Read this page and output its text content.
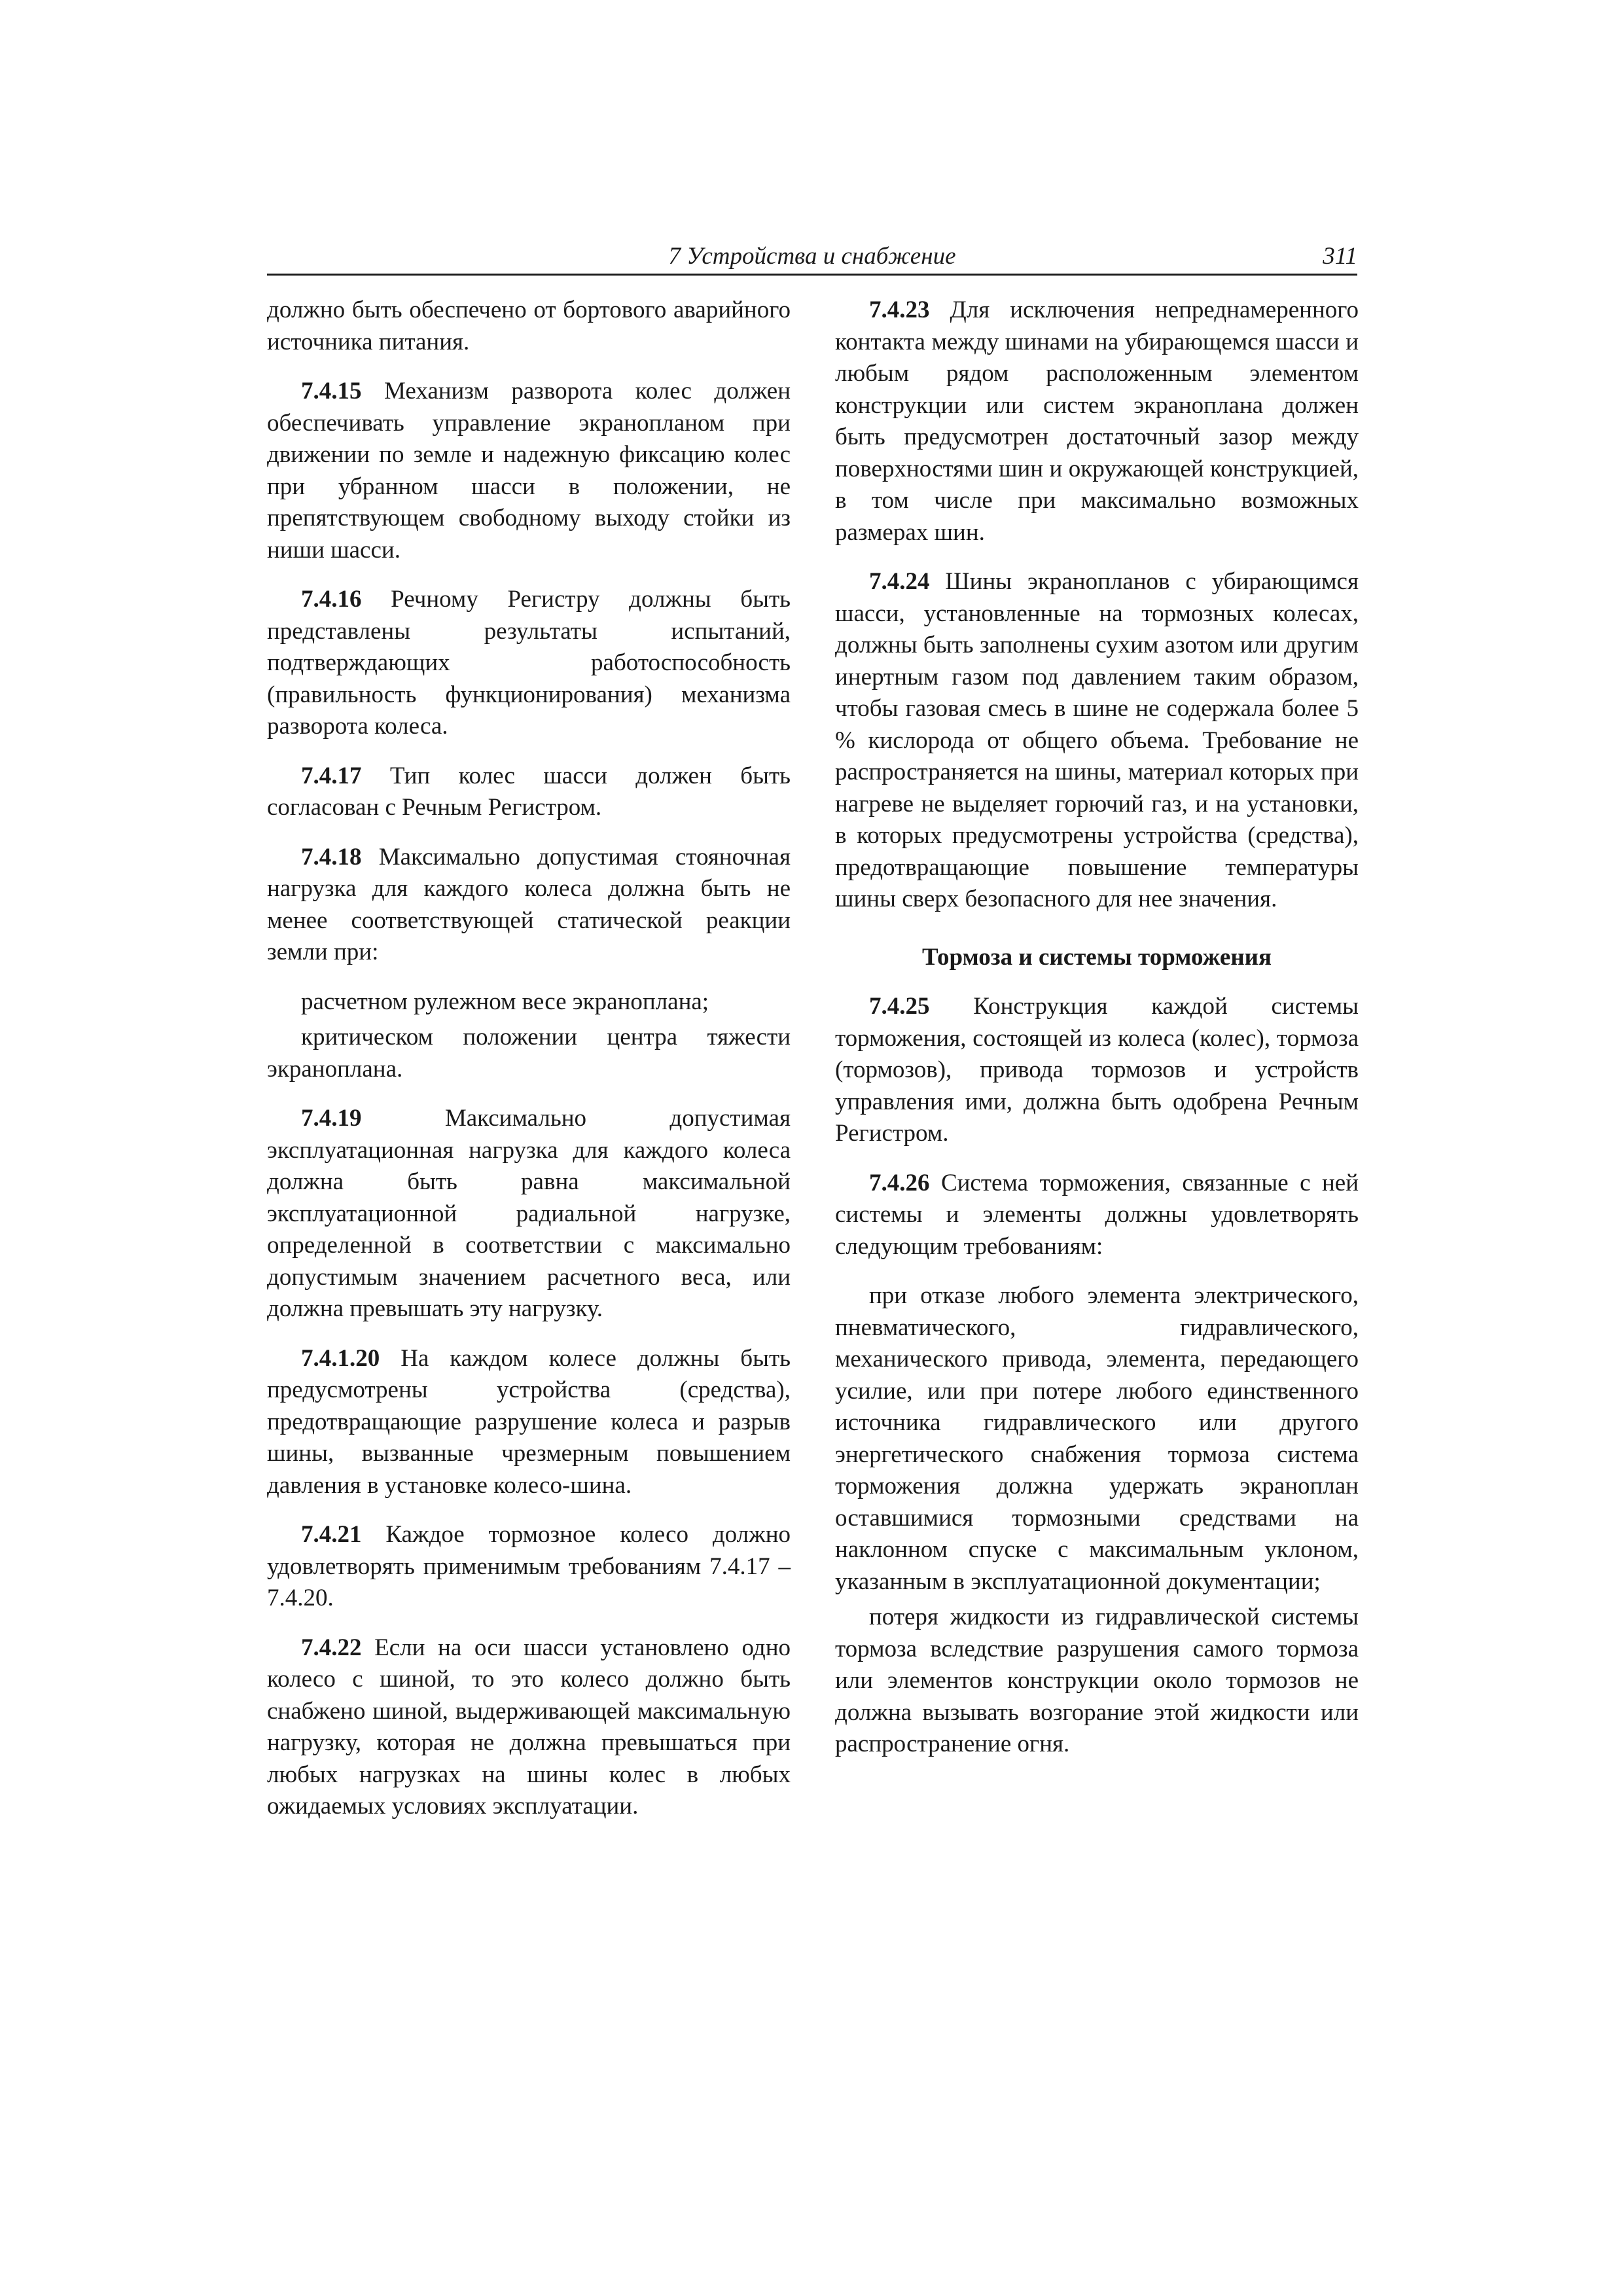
7 Устройства и снабжение	311

должно быть обеспечено от бортового аварийного источника питания.

7.4.15 Механизм разворота колес должен обеспечивать управление экранопланом при движении по земле и надежную фиксацию колес при убранном шасси в положении, не препятствующем свободному выходу стойки из ниши шасси.

7.4.16 Речному Регистру должны быть представлены результаты испытаний, подтверждающих работоспособность (правильность функционирования) механизма разворота колеса.

7.4.17 Тип колес шасси должен быть согласован с Речным Регистром.

7.4.18 Максимально допустимая стояночная нагрузка для каждого колеса должна быть не менее соответствующей статической реакции земли при:

расчетном рулежном весе экраноплана;

критическом положении центра тяжести экраноплана.

7.4.19	Максимально допустимая эксплуатационная нагрузка для каждого колеса должна быть равна максимальной эксплуатационной радиальной нагрузке, определенной в соответствии с максимально допустимым значением расчетного веса, или должна превышать эту нагрузку.

7.4.1.20 На каждом колесе должны быть предусмотрены устройства (средства), предотвращающие разрушение колеса и разрыв шины, вызванные чрезмерным повышением давления в установке колесо-шина.

7.4.21 Каждое тормозное колесо должно удовлетворять применимым требованиям 7.4.17 – 7.4.20.

7.4.22 Если на оси шасси установлено одно колесо с шиной, то это колесо должно быть снабжено шиной, выдерживающей максимальную нагрузку, которая не должна превышаться при любых нагрузках на шины колес в любых ожидаемых условиях эксплуатации.

7.4.23 Для исключения непреднамеренного контакта между шинами на убирающемся шасси и любым рядом расположенным элементом конструкции или систем экраноплана должен быть предусмотрен достаточный зазор между поверхностями шин и окружающей конструкцией, в том числе при максимально возможных размерах шин.

7.4.24 Шины экранопланов с убирающимся шасси, установленные на тормозных колесах, должны быть заполнены сухим азотом или другим инертным газом под давлением таким образом, чтобы газовая смесь в шине не содержала более 5 % кислорода от общего объема. Требование не распространяется на шины, материал которых при нагреве не выделяет горючий газ, и на установки, в которых предусмотрены устройства (средства), предотвращающие повышение температуры шины сверх безопасного для нее значения.

Тормоза и системы торможения

7.4.25 Конструкция каждой системы торможения, состоящей из колеса (колес), тормоза (тормозов), привода тормозов и устройств управления ими, должна быть одобрена Речным Регистром.

7.4.26 Система торможения, связанные с ней системы и элементы должны удовлетворять следующим требованиям:

при отказе любого элемента электрического, пневматического, гидравлического, механического привода, элемента, передающего усилие, или при потере любого единственного источника гидравлического или другого энергетического снабжения тормоза система торможения должна удержать экраноплан оставшимися тормозными средствами на наклонном спуске с максимальным уклоном, указанным в эксплуатационной документации;

потеря жидкости из гидравлической системы тормоза вследствие разрушения самого тормоза или элементов конструкции около тормозов не должна вызывать возгорание этой жидкости или распространение огня.
